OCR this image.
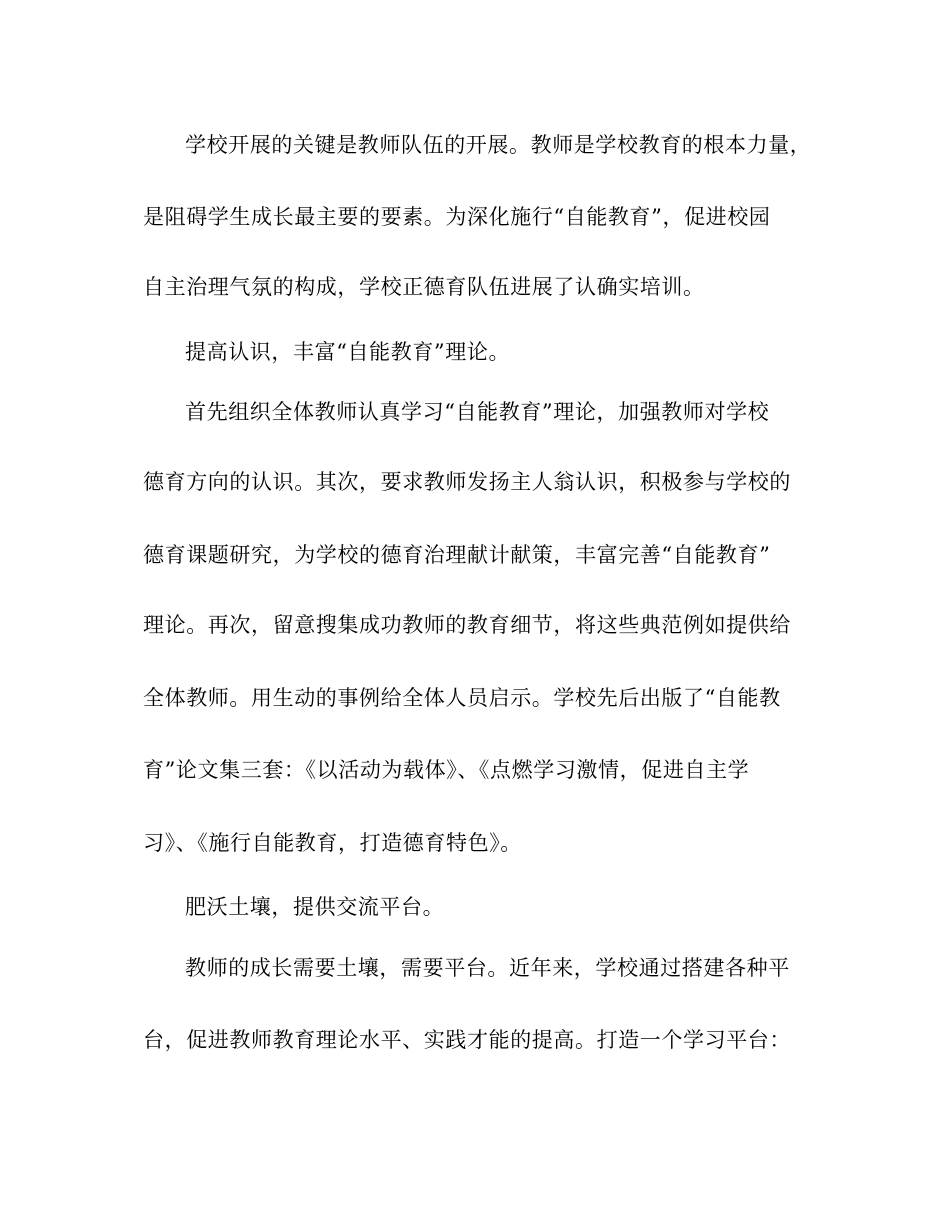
学校开展的关键是教师队伍的开展。教师是学校教育的根本力量，
是阻碍学生成长最主要的要素。为深化施行“自能教育”，促进校园
自主治理气氛的构成，学校正德育队伍进展了认确实培训。
提高认识，丰富“自能教育”理论。
首先组织全体教师认真学习“自能教育”理论，加强教师对学校
德育方向的认识。其次，要求教师发扬主人翁认识，积极参与学校的
德育课题研究，为学校的德育治理献计献策，丰富完善“自能教育”
理论。再次，留意搜集成功教师的教育细节，将这些典范例如提供给
全体教师。用生动的事例给全体人员启示。学校先后出版了“自能教
育”论文集三套：《以活动为载体》、《点燃学习激情，促进自主学
习》、《施行自能教育，打造德育特色》。
肥沃土壤，提供交流平台。
教师的成长需要土壤，需要平台。近年来，学校通过搭建各种平
台，促进教师教育理论水平、实践才能的提高。打造一个学习平台：
